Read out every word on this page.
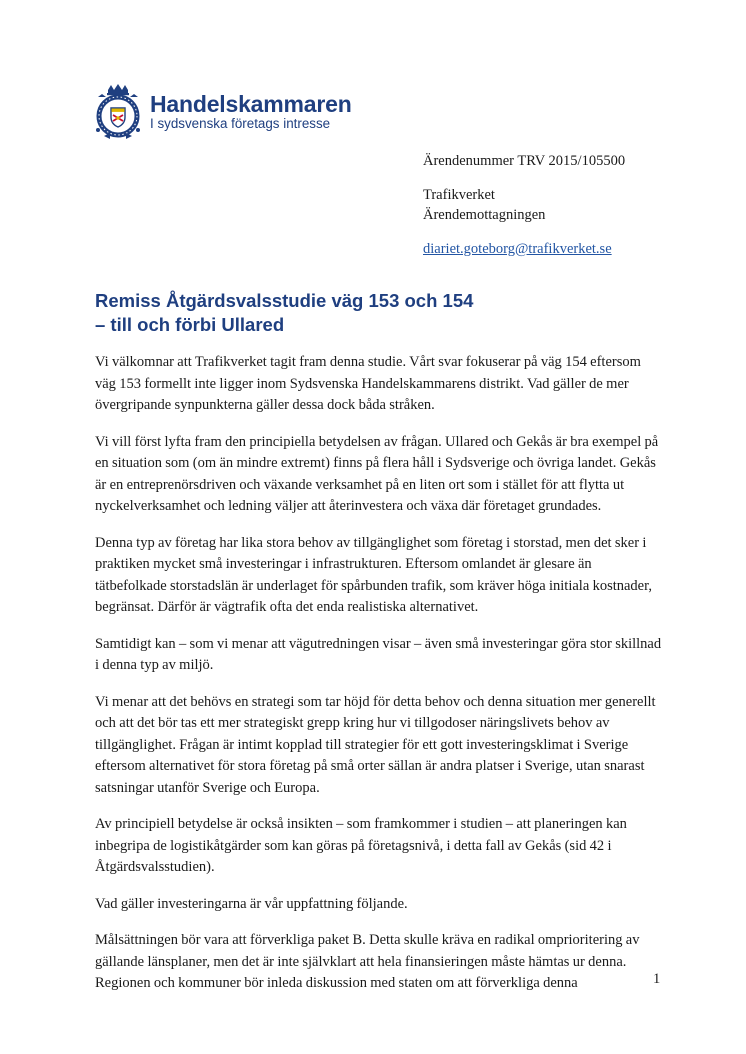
Handelskammaren
I sydsvenska företags intresse

Ärendenummer TRV 2015/105500

Trafikverket
Ärendemottagningen

diariet.goteborg@trafikverket.se

Remiss Åtgärdsvalsstudie väg 153 och 154
– till och förbi Ullared

Vi välkomnar att Trafikverket tagit fram denna studie. Vårt svar fokuserar på väg 154 eftersom väg 153 formellt inte ligger inom Sydsvenska Handelskammarens distrikt. Vad gäller de mer övergripande synpunkterna gäller dessa dock båda stråken.

Vi vill först lyfta fram den principiella betydelsen av frågan. Ullared och Gekås är bra exempel på en situation som (om än mindre extremt) finns på flera håll i Sydsverige och övriga landet. Gekås är en entreprenörsdriven och växande verksamhet på en liten ort som i stället för att flytta ut nyckelverksamhet och ledning väljer att återinvestera och växa där företaget grundades.

Denna typ av företag har lika stora behov av tillgänglighet som företag i storstad, men det sker i praktiken mycket små investeringar i infrastrukturen. Eftersom omlandet är glesare än tätbefolkade storstadslän är underlaget för spårbunden trafik, som kräver höga initiala kostnader, begränsat. Därför är vägtrafik ofta det enda realistiska alternativet.

Samtidigt kan – som vi menar att vägutredningen visar – även små investeringar göra stor skillnad i denna typ av miljö.

Vi menar att det behövs en strategi som tar höjd för detta behov och denna situation mer generellt och att det bör tas ett mer strategiskt grepp kring hur vi tillgodoser näringslivets behov av tillgänglighet. Frågan är intimt kopplad till strategier för ett gott investeringsklimat i Sverige eftersom alternativet för stora företag på små orter sällan är andra platser i Sverige, utan snarast satsningar utanför Sverige och Europa.

Av principiell betydelse är också insikten – som framkommer i studien – att planeringen kan inbegripa de logistikåtgärder som kan göras på företagsnivå, i detta fall av Gekås (sid 42 i Åtgärdsvalsstudien).

Vad gäller investeringarna är vår uppfattning följande.

Målsättningen bör vara att förverkliga paket B. Detta skulle kräva en radikal omprioritering av gällande länsplaner, men det är inte självklart att hela finansieringen måste hämtas ur denna. Regionen och kommuner bör inleda diskussion med staten om att förverkliga denna	1
